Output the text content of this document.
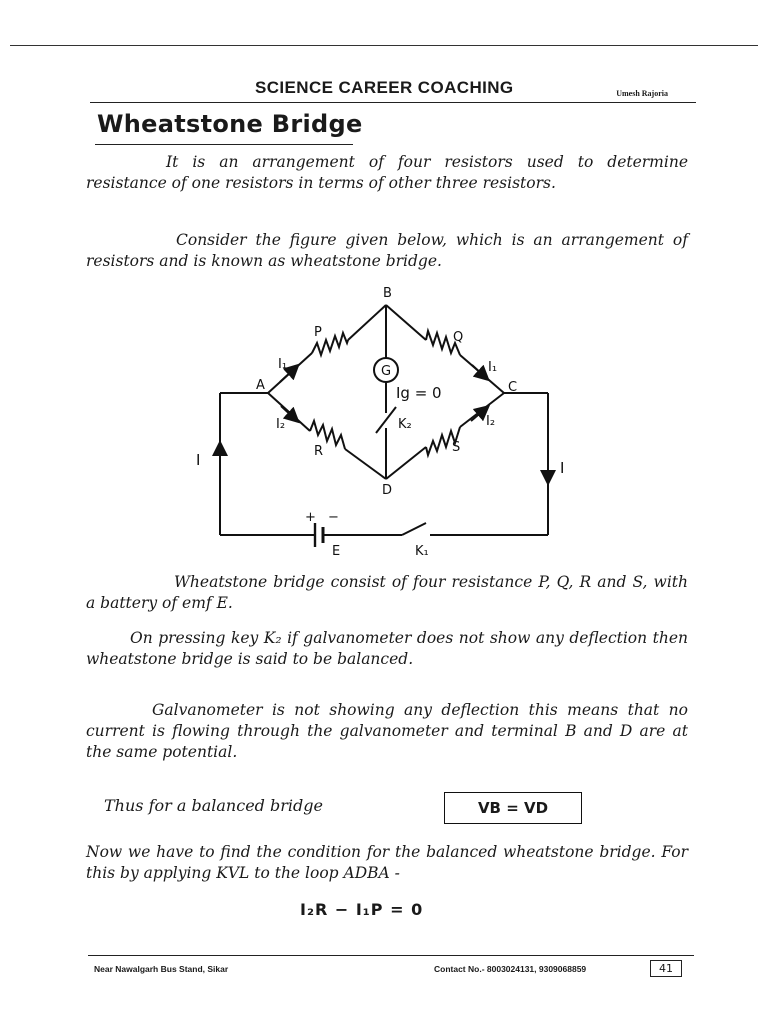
SCIENCE CAREER COACHING	Umesh Rajoria
Wheatstone Bridge
It is an arrangement of four resistors used to determine resistance of one resistors in terms of other three resistors.
Consider the figure given below, which is an arrangement of resistors and is known as wheatstone bridge.
A
B
C
D
P	Q
R	S
G
Ig = 0
K₂
K₁
E
+ −
I₁	I₁
I₂	I₂
I	I
Wheatstone bridge consist of four resistance P, Q, R and S, with a battery of emf E.
On pressing key K₂ if galvanometer does not show any deflection then wheatstone bridge is said to be balanced.
Galvanometer is not showing any deflection this means that no current is flowing through the galvanometer and terminal B and D are at the same potential.
Thus for a balanced bridge	VB = VD
Now we have to find the condition for the balanced wheatstone bridge. For this by applying KVL to the loop ADBA -
I₂R − I₁P = 0
Near Nawalgarh Bus Stand, Sikar	Contact No.- 8003024131, 9309068859	41
